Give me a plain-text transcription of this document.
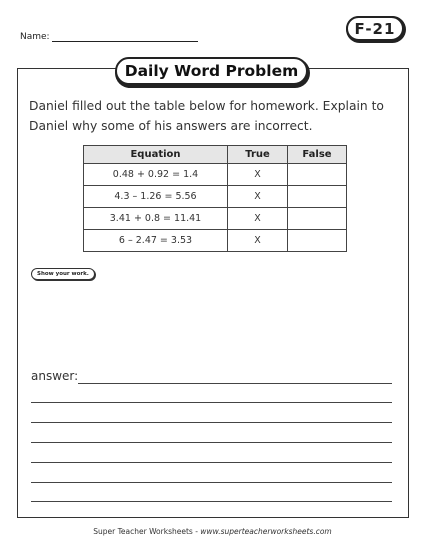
Name:	F-21
Daily Word Problem
Daniel filled out the table below for homework. Explain to Daniel why some of his answers are incorrect.
Equation	True	False
0.48 + 0.92 = 1.4	X	
4.3 – 1.26 = 5.56	X	
3.41 + 0.8 = 11.41	X	
6 – 2.47 = 3.53	X	
Show your work.
answer:
Super Teacher Worksheets - www.superteacherworksheets.com
